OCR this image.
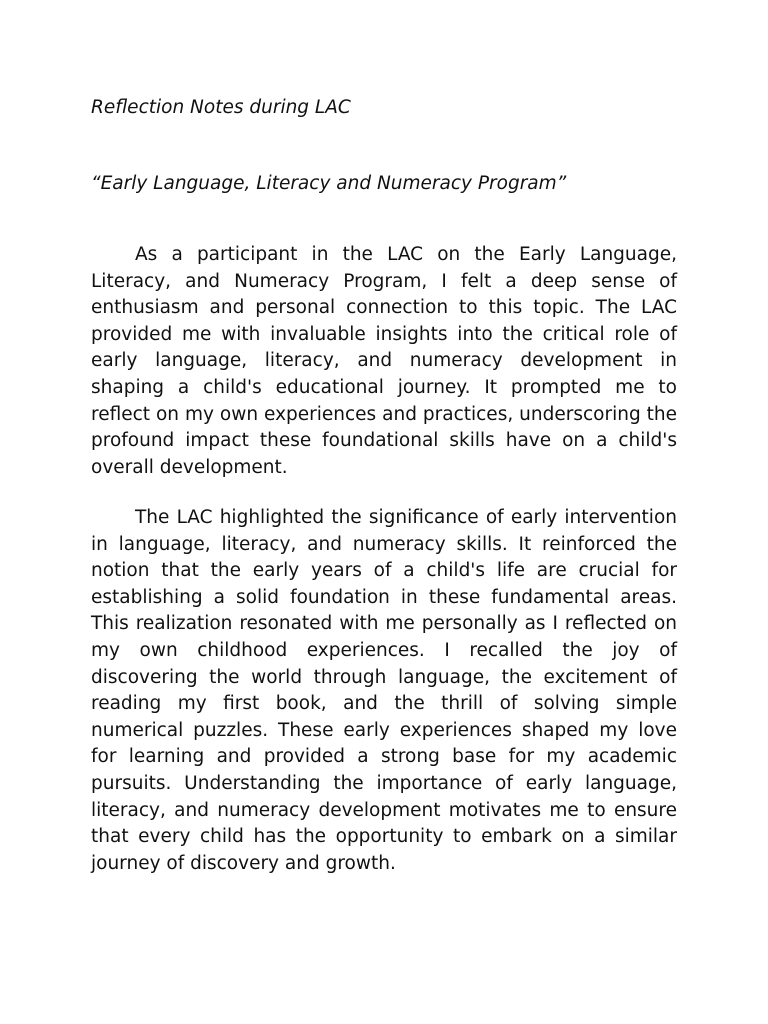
Reflection Notes during LAC
“Early Language, Literacy and Numeracy Program”

As a participant in the LAC on the Early Language, Literacy, and Numeracy Program, I felt a deep sense of enthusiasm and personal connection to this topic. The LAC provided me with invaluable insights into the critical role of early language, literacy, and numeracy development in shaping a child's educational journey. It prompted me to reflect on my own experiences and practices, underscoring the profound impact these foundational skills have on a child's overall development.

The LAC highlighted the significance of early intervention in language, literacy, and numeracy skills. It reinforced the notion that the early years of a child's life are crucial for establishing a solid foundation in these fundamental areas. This realization resonated with me personally as I reflected on my own childhood experiences. I recalled the joy of discovering the world through language, the excitement of reading my first book, and the thrill of solving simple numerical puzzles. These early experiences shaped my love for learning and provided a strong base for my academic pursuits. Understanding the importance of early language, literacy, and numeracy development motivates me to ensure that every child has the opportunity to embark on a similar journey of discovery and growth.
